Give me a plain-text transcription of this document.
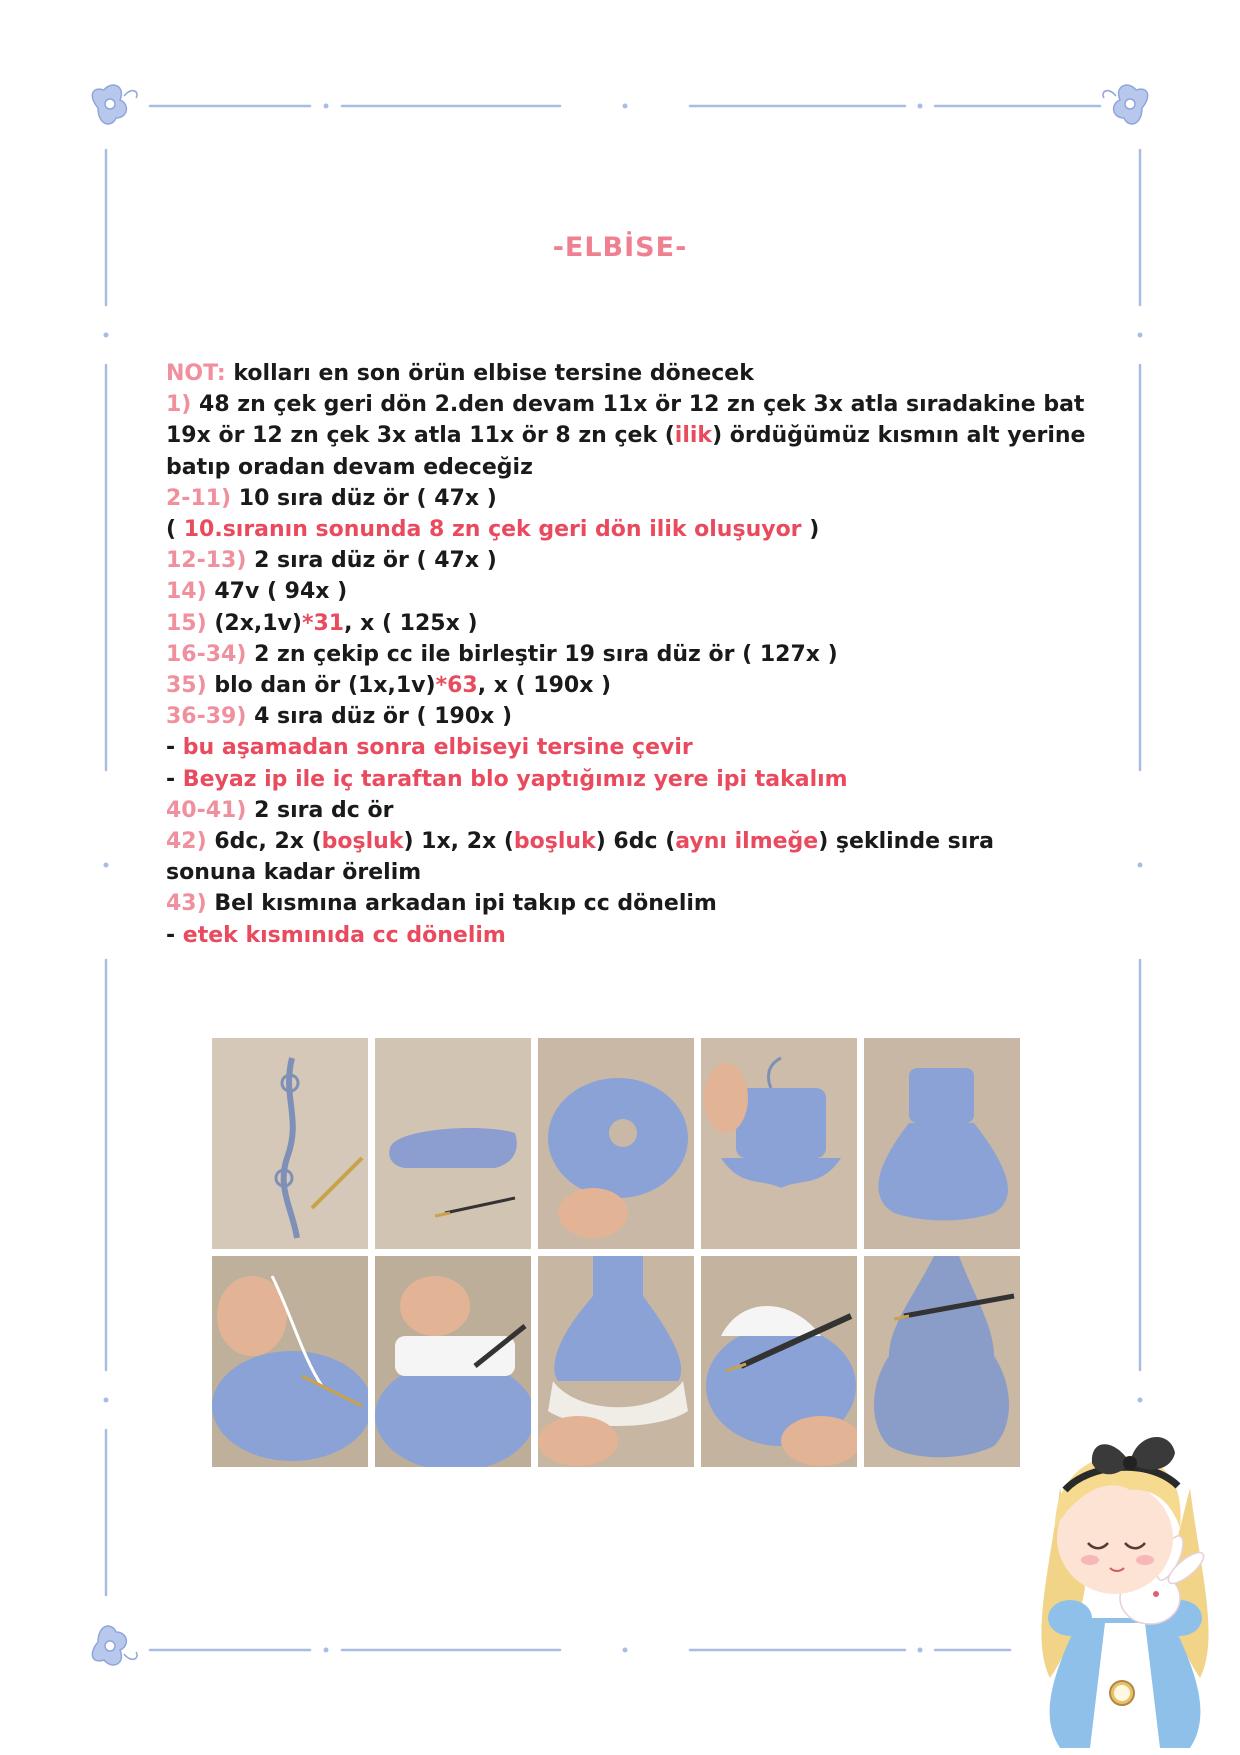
-ELBİSE-

NOT: kolları en son örün elbise tersine dönecek

1) 48 zn çek geri dön 2.den devam 11x ör 12 zn çek 3x atla sıradakine bat 19x ör 12 zn çek 3x atla 11x ör 8 zn çek (ilik) ördüğümüz kısmın alt yerine batıp oradan devam edeceğiz

2-11) 10 sıra düz ör ( 47x )

( 10.sıranın sonunda 8 zn çek geri dön ilik oluşuyor )

12-13) 2 sıra düz ör ( 47x )

14) 47v ( 94x )

15) (2x,1v)*31, x ( 125x )

16-34) 2 zn çekip cc ile birleştir 19 sıra düz ör ( 127x )

35) blo dan ör (1x,1v)*63, x ( 190x )

36-39) 4 sıra düz ör ( 190x )

- bu aşamadan sonra elbiseyi tersine çevir

- Beyaz ip ile iç taraftan blo yaptığımız yere ipi takalım

40-41) 2 sıra dc ör

42) 6dc, 2x (boşluk) 1x, 2x (boşluk) 6dc (aynı ilmeğe) şeklinde sıra sonuna kadar örelim

43) Bel kısmına arkadan ipi takıp cc dönelim

- etek kısmınıda cc dönelim
